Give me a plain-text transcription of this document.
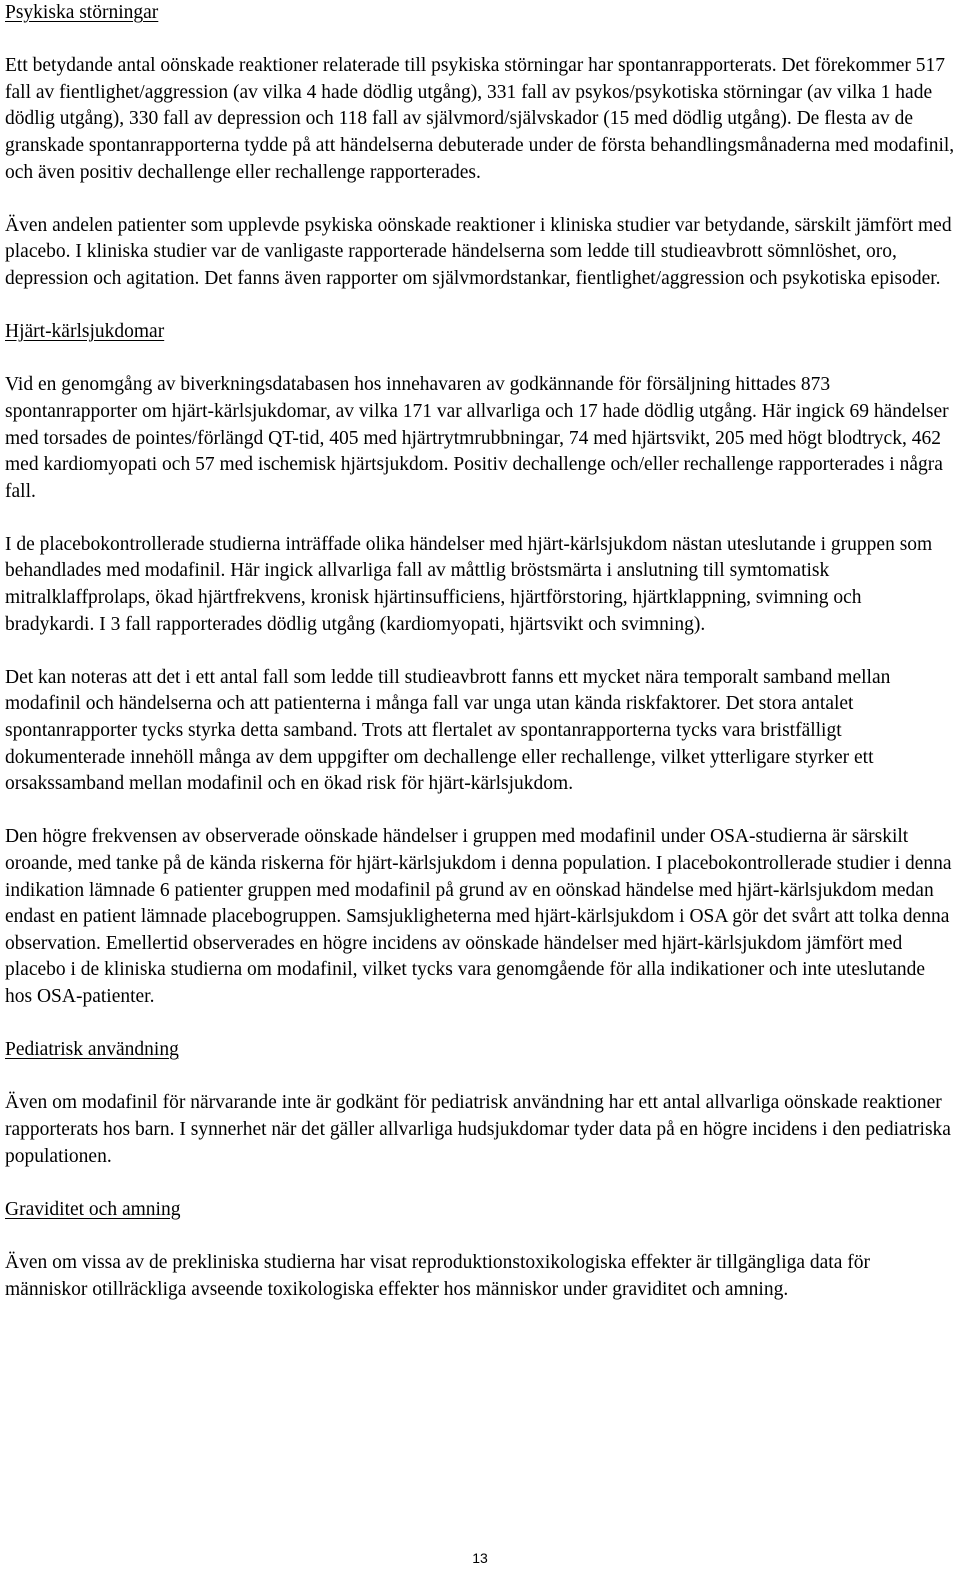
Psykiska störningar

Ett betydande antal oönskade reaktioner relaterade till psykiska störningar har spontanrapporterats. Det förekommer 517 fall av fientlighet/aggression (av vilka 4 hade dödlig utgång), 331 fall av psykos/psykotiska störningar (av vilka 1 hade dödlig utgång), 330 fall av depression och 118 fall av självmord/självskador (15 med dödlig utgång). De flesta av de granskade spontanrapporterna tydde på att händelserna debuterade under de första behandlingsmånaderna med modafinil, och även positiv dechallenge eller rechallenge rapporterades.

Även andelen patienter som upplevde psykiska oönskade reaktioner i kliniska studier var betydande, särskilt jämfört med placebo. I kliniska studier var de vanligaste rapporterade händelserna som ledde till studieavbrott sömnlöshet, oro, depression och agitation. Det fanns även rapporter om självmordstankar, fientlighet/aggression och psykotiska episoder.

Hjärt-kärlsjukdomar

Vid en genomgång av biverkningsdatabasen hos innehavaren av godkännande för försäljning hittades 873 spontanrapporter om hjärt-kärlsjukdomar, av vilka 171 var allvarliga och 17 hade dödlig utgång. Här ingick 69 händelser med torsades de pointes/förlängd QT-tid, 405 med hjärtrytmrubbningar, 74 med hjärtsvikt, 205 med högt blodtryck, 462 med kardiomyopati och 57 med ischemisk hjärtsjukdom. Positiv dechallenge och/eller rechallenge rapporterades i några fall.

I de placebokontrollerade studierna inträffade olika händelser med hjärt-kärlsjukdom nästan uteslutande i gruppen som behandlades med modafinil. Här ingick allvarliga fall av måttlig bröstsmärta i anslutning till symtomatisk mitralklaffprolaps, ökad hjärtfrekvens, kronisk hjärtinsufficiens, hjärtförstoring, hjärtklappning, svimning och bradykardi. I 3 fall rapporterades dödlig utgång (kardiomyopati, hjärtsvikt och svimning).

Det kan noteras att det i ett antal fall som ledde till studieavbrott fanns ett mycket nära temporalt samband mellan modafinil och händelserna och att patienterna i många fall var unga utan kända riskfaktorer. Det stora antalet spontanrapporter tycks styrka detta samband. Trots att flertalet av spontanrapporterna tycks vara bristfälligt dokumenterade innehöll många av dem uppgifter om dechallenge eller rechallenge, vilket ytterligare styrker ett orsakssamband mellan modafinil och en ökad risk för hjärt-kärlsjukdom.

Den högre frekvensen av observerade oönskade händelser i gruppen med modafinil under OSA-studierna är särskilt oroande, med tanke på de kända riskerna för hjärt-kärlsjukdom i denna population. I placebokontrollerade studier i denna indikation lämnade 6 patienter gruppen med modafinil på grund av en oönskad händelse med hjärt-kärlsjukdom medan endast en patient lämnade placebogruppen. Samsjukligheterna med hjärt-kärlsjukdom i OSA gör det svårt att tolka denna observation. Emellertid observerades en högre incidens av oönskade händelser med hjärt-kärlsjukdom jämfört med placebo i de kliniska studierna om modafinil, vilket tycks vara genomgående för alla indikationer och inte uteslutande hos OSA-patienter.

Pediatrisk användning

Även om modafinil för närvarande inte är godkänt för pediatrisk användning har ett antal allvarliga oönskade reaktioner rapporterats hos barn. I synnerhet när det gäller allvarliga hudsjukdomar tyder data på en högre incidens i den pediatriska populationen.

Graviditet och amning

Även om vissa av de prekliniska studierna har visat reproduktionstoxikologiska effekter är tillgängliga data för människor otillräckliga avseende toxikologiska effekter hos människor under graviditet och amning.

13
